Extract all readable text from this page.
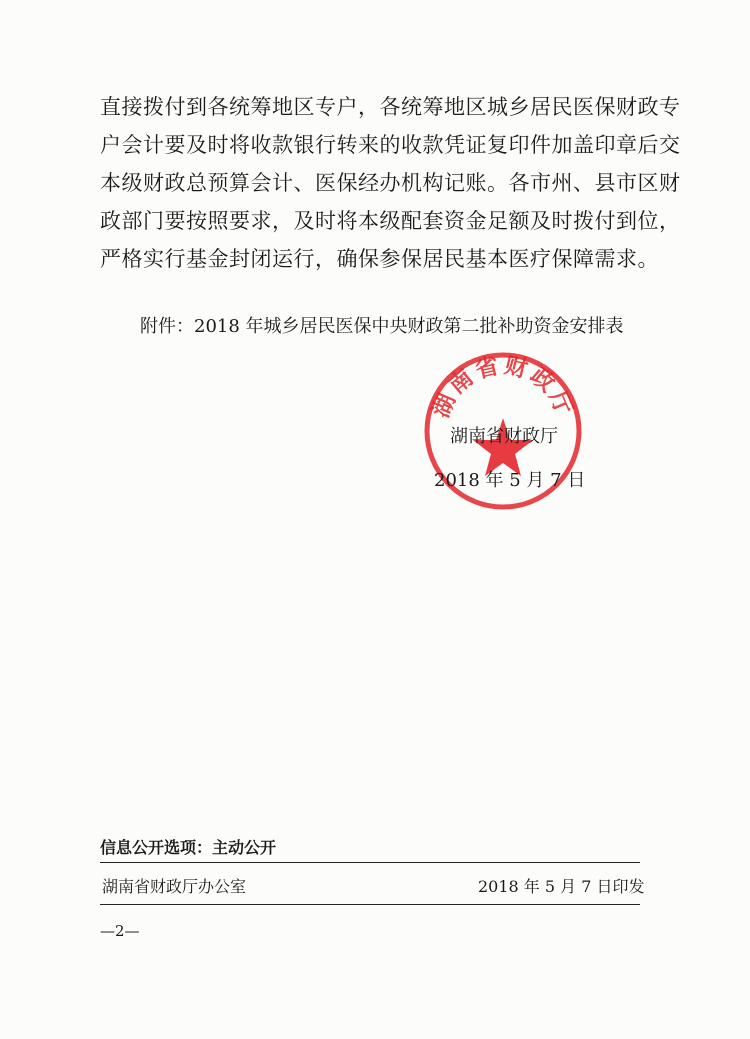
直接拨付到各统筹地区专户，各统筹地区城乡居民医保财政专
户会计要及时将收款银行转来的收款凭证复印件加盖印章后交
本级财政总预算会计、医保经办机构记账。各市州、县市区财
政部门要按照要求，及时将本级配套资金足额及时拨付到位，
严格实行基金封闭运行，确保参保居民基本医疗保障需求。
附件：2018 年城乡居民医保中央财政第二批补助资金安排表
湖南省财政厅
湖南省财政厅
2018 年 5 月 7 日
信息公开选项：主动公开
湖南省财政厅办公室	2018 年 5 月 7 日印发
—2—
